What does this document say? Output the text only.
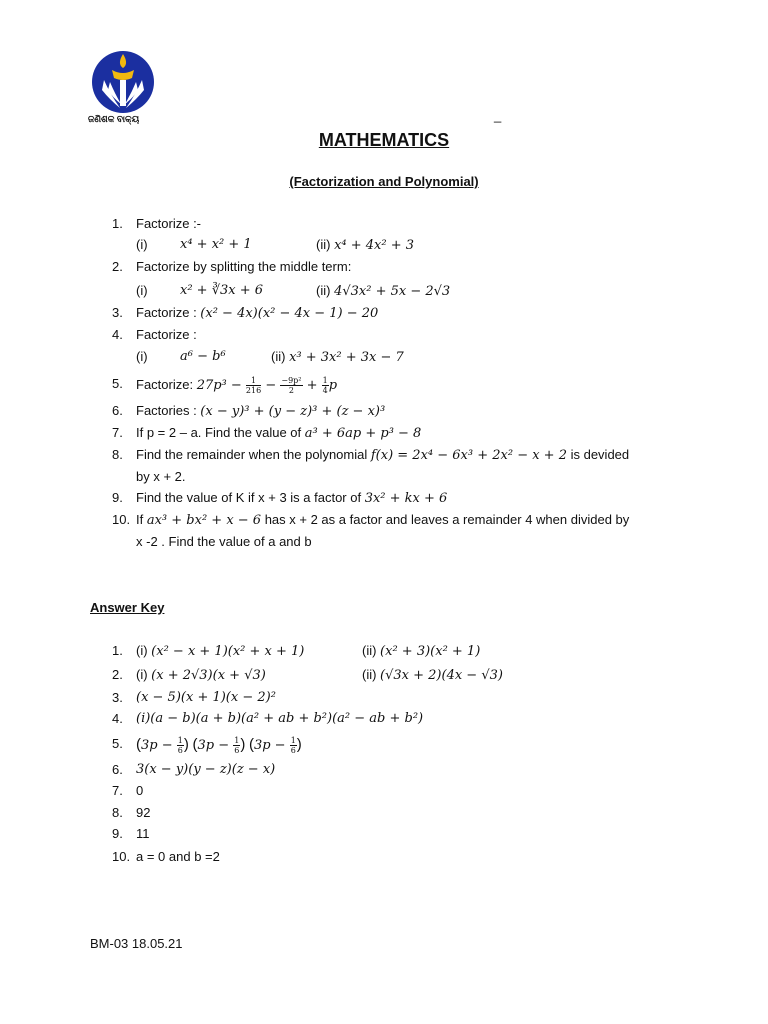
ଜଣିଶକ ବାକ୍ୟ	_
MATHEMATICS
(Factorization and Polynomial)
1.	Factorize :-
(i) x⁴ + x² + 1	(ii) x⁴ + 4x² + 3
2.	Factorize by splitting the middle term:
(i) x² + ∛3x + 6	(ii) 4√3x² + 5x − 2√3
3.	Factorize : (x² − 4x)(x² − 4x − 1) − 20
4.	Factorize :
(i) a⁶ − b⁶	(ii) x³ + 3x² + 3x − 7
5.	Factorize: $27p^3 - \frac{1}{216} - \frac{\text{−9p²}}{2} + \frac{1}{4}$ p
6.	Factories : (x − y)³ + (y − z)³ + (z − x)³
7.	If p = 2 – a. Find the value of a³ + 6ap + p³ − 8
8.	Find the remainder when the polynomial f(x) = 2x⁴ − 6x³ + 2x² − x + 2 is devided
by x + 2.
9.	Find the value of K if x + 3 is a factor of 3x² + kx + 6
10. If ax³ + bx² + x − 6 has x + 2 as a factor and leaves a remainder 4 when divided by
x -2 . Find the value of a and b
Answer Key
1.	(i) (x² − x + 1)(x² + x + 1)	(ii) (x² + 3)(x² + 1)
2.	(i) (x + 2√3)(x + √3)	(ii) (√3x + 2)(4x − √3)
3.	(x − 5)(x + 1)(x − 2)²
4.	(i)(a − b)(a + b)(a² + ab + b²)(a² − ab + b²)
5. ($3p - \frac{1}{6}$ ) ($3p - \frac{1}{6}$ ) ($3p - \frac{1}{6}$ )
6.	3(x − y)(y − z)(z − x)
7.	0
8.	92
9.	11
10. a = 0 and b =2
BM-03 18.05.21
